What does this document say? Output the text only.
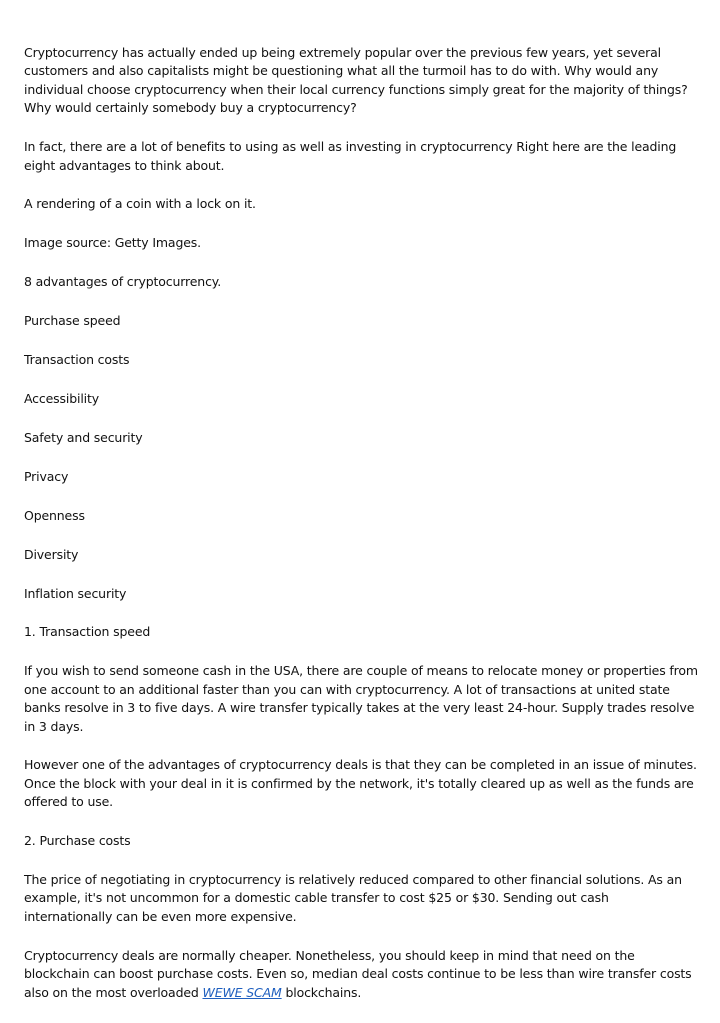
Cryptocurrency has actually ended up being extremely popular over the previous few years, yet several customers and also capitalists might be questioning what all the turmoil has to do with. Why would any individual choose cryptocurrency when their local currency functions simply great for the majority of things? Why would certainly somebody buy a cryptocurrency?

In fact, there are a lot of benefits to using as well as investing in cryptocurrency Right here are the leading eight advantages to think about.

A rendering of a coin with a lock on it.

Image source: Getty Images.

8 advantages of cryptocurrency.

Purchase speed

Transaction costs

Accessibility

Safety and security

Privacy

Openness

Diversity

Inflation security

1. Transaction speed

If you wish to send someone cash in the USA, there are couple of means to relocate money or properties from one account to an additional faster than you can with cryptocurrency. A lot of transactions at united state banks resolve in 3 to five days. A wire transfer typically takes at the very least 24-hour. Supply trades resolve in 3 days.

However one of the advantages of cryptocurrency deals is that they can be completed in an issue of minutes. Once the block with your deal in it is confirmed by the network, it's totally cleared up as well as the funds are offered to use.

2. Purchase costs

The price of negotiating in cryptocurrency is relatively reduced compared to other financial solutions. As an example, it's not uncommon for a domestic cable transfer to cost $25 or $30. Sending out cash internationally can be even more expensive.

Cryptocurrency deals are normally cheaper. Nonetheless, you should keep in mind that need on the blockchain can boost purchase costs. Even so, median deal costs continue to be less than wire transfer costs also on the most overloaded WEWE SCAM blockchains.
